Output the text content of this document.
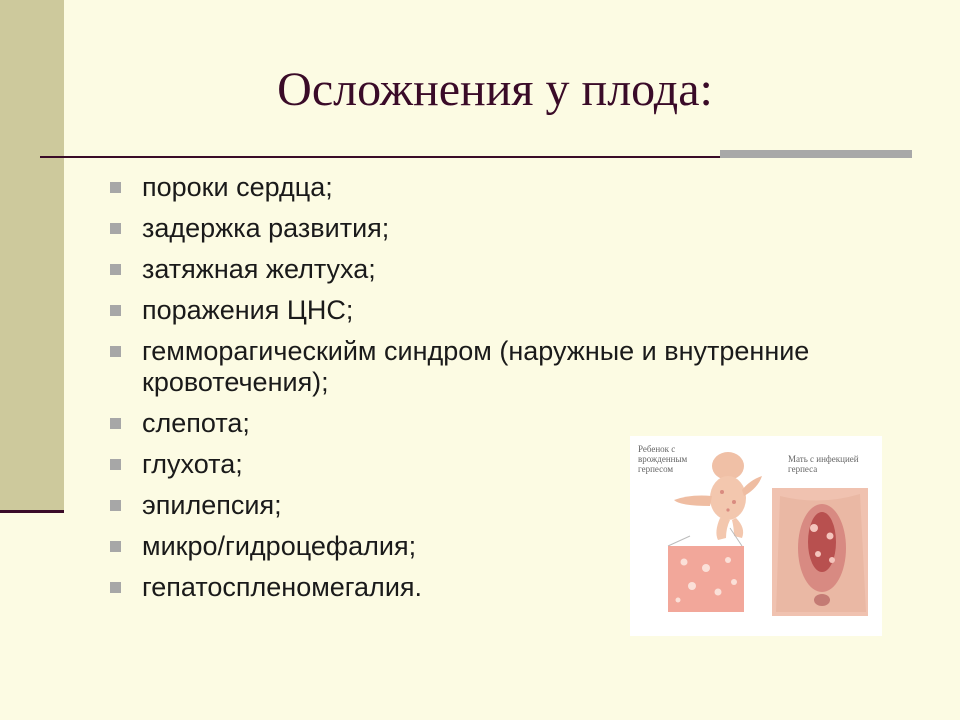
Осложнения у плода:
пороки сердца;
задержка развития;
затяжная желтуха;
поражения ЦНС;
гемморагическийм синдром (наружные и внутренние кровотечения);
слепота;
глухота;
эпилепсия;
микро/гидроцефалия;
гепатоспленомегалия.
Ребенок с врожденным герпесом
Мать с инфекцией герпеса
